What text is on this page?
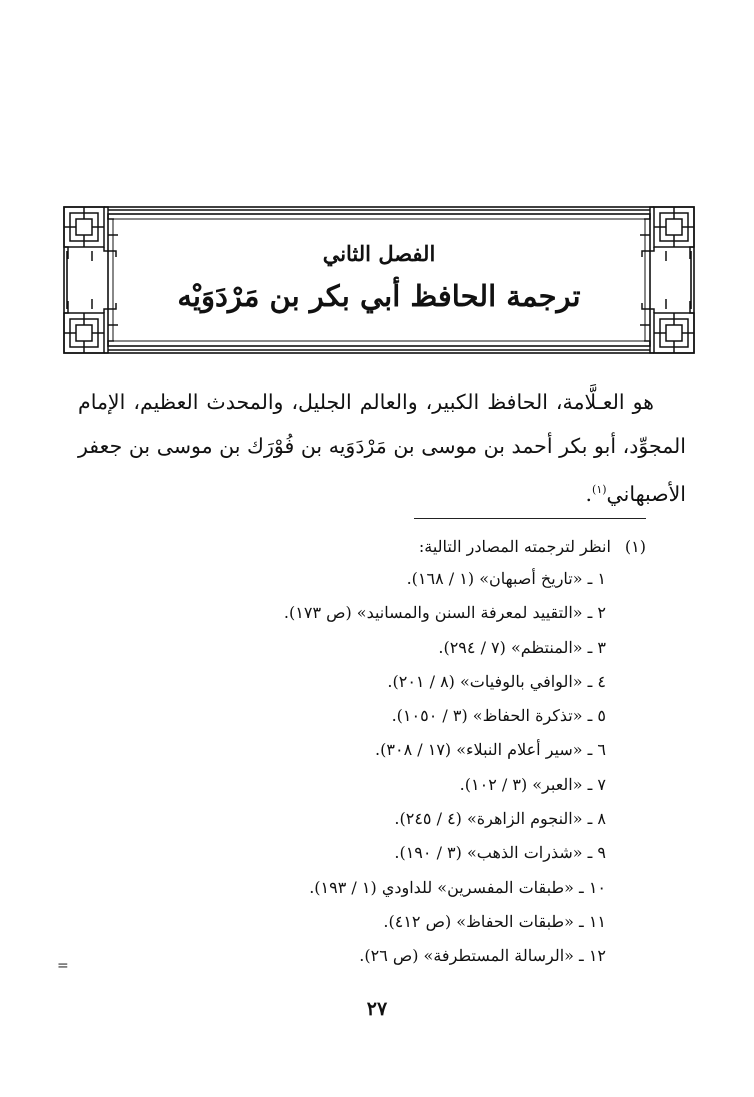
الفصل الثاني
ترجمة الحافظ أبي بكر بن مَرْدَوَيْه

هو العـلَّامة، الحافظ الكبير، والعالم الجليل، والمحدث العظيم، الإمام المجوِّد، أبو بكر أحمد بن موسى بن مَرْدَوَيه بن فُوْرَك بن موسى بن جعفر الأصبهاني$^{(١)}$.

(١)انظر لترجمته المصادر التالية:
١ ـ «تاريخ أصبهان» (١ / ١٦٨).
٢ ـ «التقييد لمعرفة السنن والمسانيد» (ص ١٧٣).
٣ ـ «المنتظم» (٧ / ٢٩٤).
٤ ـ «الوافي بالوفيات» (٨ / ٢٠١).
٥ ـ «تذكرة الحفاظ» (٣ / ١٠٥٠).
٦ ـ «سير أعلام النبلاء» (١٧ / ٣٠٨).
٧ ـ «العبر» (٣ / ١٠٢).
٨ ـ «النجوم الزاهرة» (٤ / ٢٤٥).
٩ ـ «شذرات الذهب» (٣ / ١٩٠).
١٠ ـ «طبقات المفسرين» للداودي (١ / ١٩٣).
١١ ـ «طبقات الحفاظ» (ص ٤١٢).
١٢ ـ «الرسالة المستطرفة» (ص ٢٦).
=
٢٧
